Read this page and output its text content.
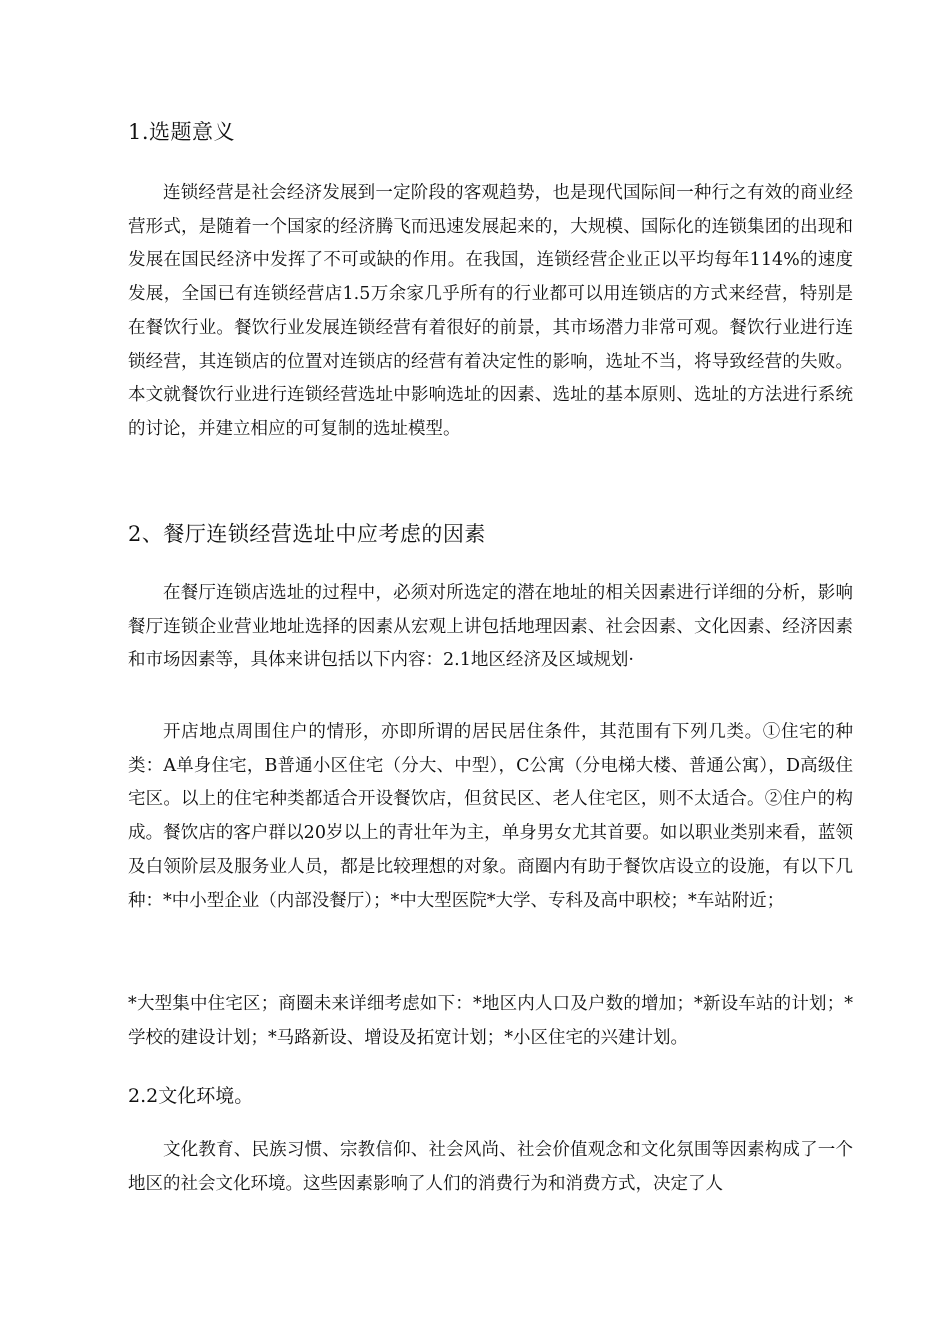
1.选题意义

连锁经营是社会经济发展到一定阶段的客观趋势，也是现代国际间一种行之有效的商业经营形式，是随着一个国家的经济腾飞而迅速发展起来的，大规模、国际化的连锁集团的出现和发展在国民经济中发挥了不可或缺的作用。在我国，连锁经营企业正以平均每年114%的速度发展，全国已有连锁经营店1.5万余家几乎所有的行业都可以用连锁店的方式来经营，特别是在餐饮行业。餐饮行业发展连锁经营有着很好的前景，其市场潜力非常可观。餐饮行业进行连锁经营，其连锁店的位置对连锁店的经营有着决定性的影响，选址不当，将导致经营的失败。本文就餐饮行业进行连锁经营选址中影响选址的因素、选址的基本原则、选址的方法进行系统的讨论，并建立相应的可复制的选址模型。

2、餐厅连锁经营选址中应考虑的因素

在餐厅连锁店选址的过程中，必须对所选定的潜在地址的相关因素进行详细的分析，影响餐厅连锁企业营业地址选择的因素从宏观上讲包括地理因素、社会因素、文化因素、经济因素和市场因素等，具体来讲包括以下内容：2.1地区经济及区域规划·

开店地点周围住户的情形，亦即所谓的居民居住条件，其范围有下列几类。①住宅的种类：A单身住宅，B普通小区住宅（分大、中型），C公寓（分电梯大楼、普通公寓），D高级住宅区。以上的住宅种类都适合开设餐饮店，但贫民区、老人住宅区，则不太适合。②住户的构成。餐饮店的客户群以20岁以上的青壮年为主，单身男女尤其首要。如以职业类别来看，蓝领及白领阶层及服务业人员，都是比较理想的对象。商圈内有助于餐饮店设立的设施，有以下几种：*中小型企业（内部没餐厅）；*中大型医院*大学、专科及高中职校；*车站附近；

*大型集中住宅区；商圈未来详细考虑如下：*地区内人口及户数的增加；*新设车站的计划；*学校的建设计划；*马路新设、增设及拓宽计划；*小区住宅的兴建计划。

2.2文化环境。

文化教育、民族习惯、宗教信仰、社会风尚、社会价值观念和文化氛围等因素构成了一个地区的社会文化环境。这些因素影响了人们的消费行为和消费方式，决定了人
